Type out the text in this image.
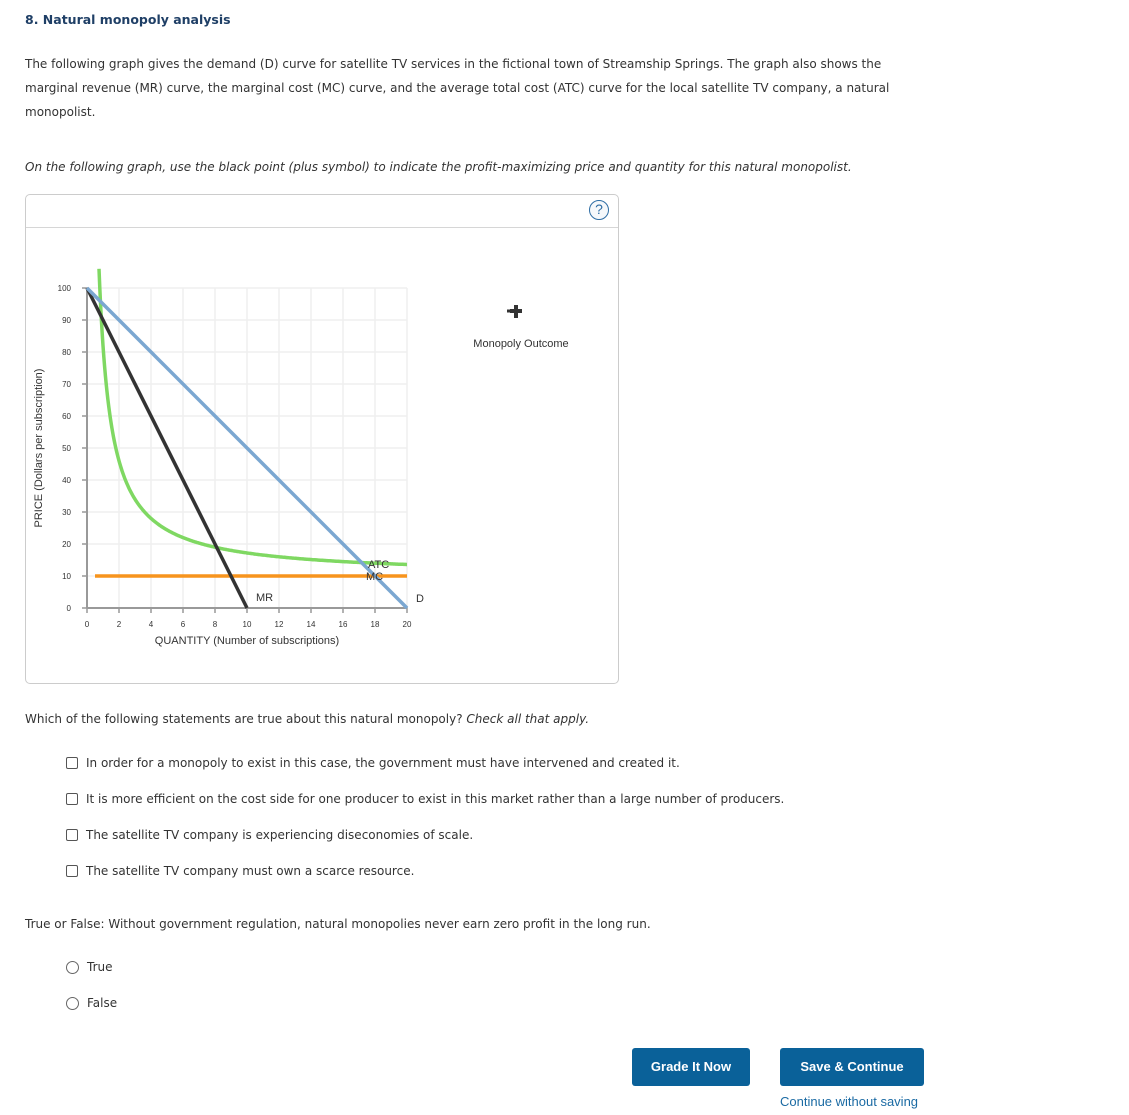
8. Natural monopoly analysis
The following graph gives the demand (D) curve for satellite TV services in the fictional town of Streamship Springs. The graph also shows the marginal revenue (MR) curve, the marginal cost (MC) curve, and the average total cost (ATC) curve for the local satellite TV company, a natural monopolist.
On the following graph, use the black point (plus symbol) to indicate the profit-maximizing price and quantity for this natural monopolist.
?
0
10
20
30
40
50
60
70
80
90
100
0	2	4	6	8	10	12	14	16	18	20
PRICE (Dollars per subscription)
QUANTITY (Number of subscriptions)
ATC
MC
MR	D
Monopoly Outcome
Which of the following statements are true about this natural monopoly? Check all that apply.
In order for a monopoly to exist in this case, the government must have intervened and created it.
It is more efficient on the cost side for one producer to exist in this market rather than a large number of producers.
The satellite TV company is experiencing diseconomies of scale.
The satellite TV company must own a scarce resource.
True or False: Without government regulation, natural monopolies never earn zero profit in the long run.
True
False
Grade It Now	Save & Continue
Continue without saving
